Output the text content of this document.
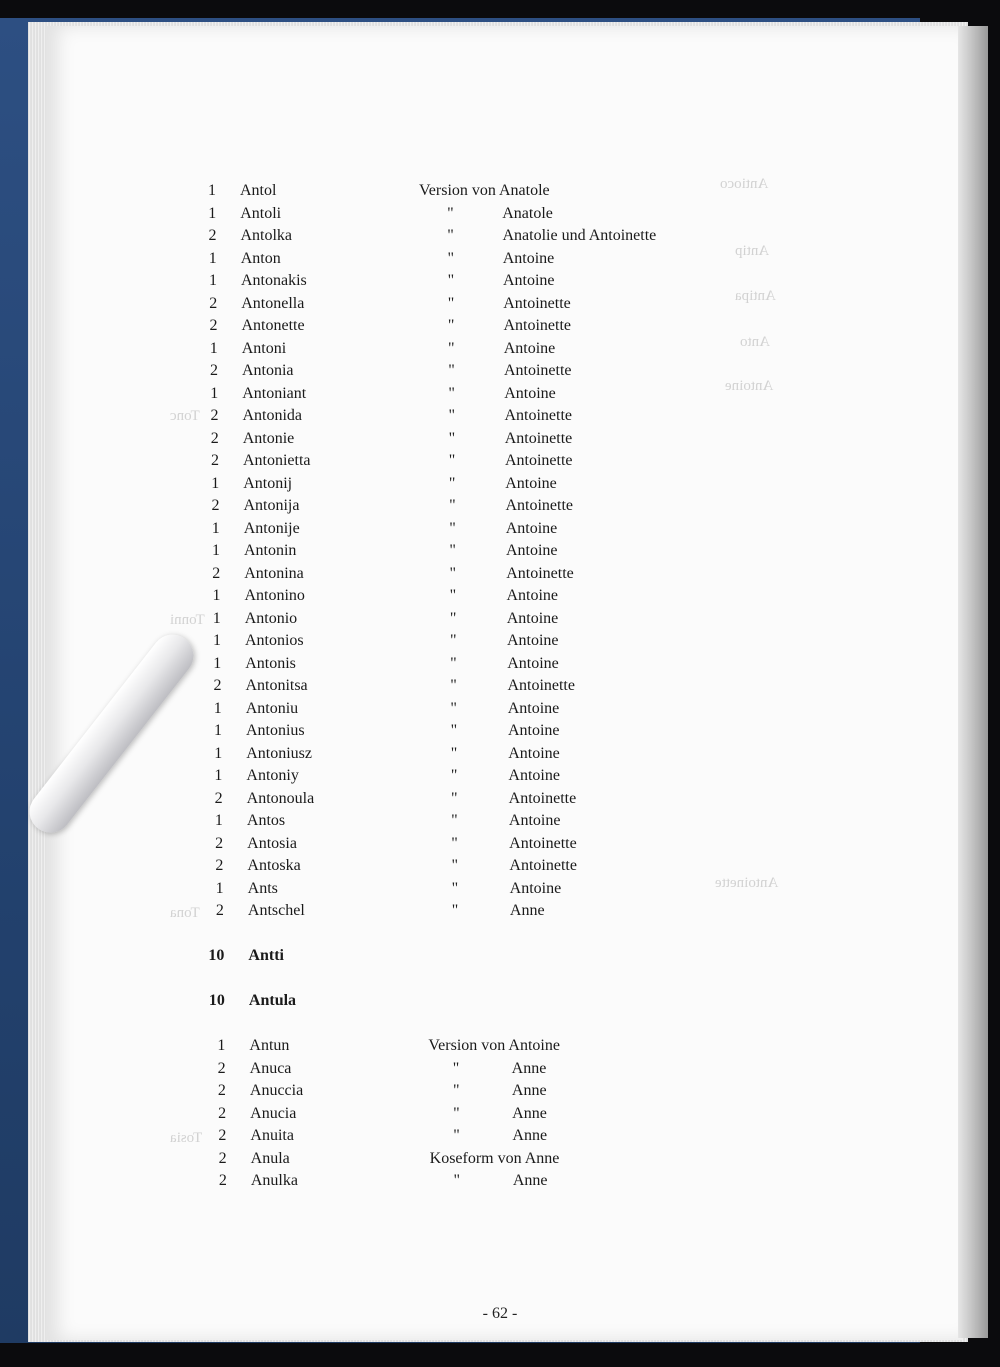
Antioco
Antip
Antipa
Anto
Antoine
Antoinette
Tonc
Tonni
Tona
Tosia
1 Antol	Version von Anatole
1 Antoli	"	Anatole
2 Antolka	"	Anatolie und Antoinette
1 Anton	"	Antoine
1 Antonakis	"	Antoine
2 Antonella	"	Antoinette
2 Antonette	"	Antoinette
1 Antoni	"	Antoine
2 Antonia	"	Antoinette
1 Antoniant	"	Antoine
2 Antonida	"	Antoinette
2 Antonie	"	Antoinette
2 Antonietta	"	Antoinette
1 Antonij	"	Antoine
2 Antonija	"	Antoinette
1 Antonije	"	Antoine
1 Antonin	"	Antoine
2 Antonina	"	Antoinette
1 Antonino	"	Antoine
1 Antonio	"	Antoine
1 Antonios	"	Antoine
1 Antonis	"	Antoine
2 Antonitsa	"	Antoinette
1 Antoniu	"	Antoine
1 Antonius	"	Antoine
1 Antoniusz	"	Antoine
1 Antoniy	"	Antoine
2 Antonoula	"	Antoinette
1 Antos	"	Antoine
2 Antosia	"	Antoinette
2 Antoska	"	Antoinette
1 Ants	"	Antoine
2 Antschel	"	Anne
10 Antti
10 Antula
1 Antun	Version von Antoine
2 Anuca	"	Anne
2 Anuccia	"	Anne
2 Anucia	"	Anne
2 Anuita	"	Anne
2 Anula	Koseform von Anne
2 Anulka	"	Anne
- 62 -
